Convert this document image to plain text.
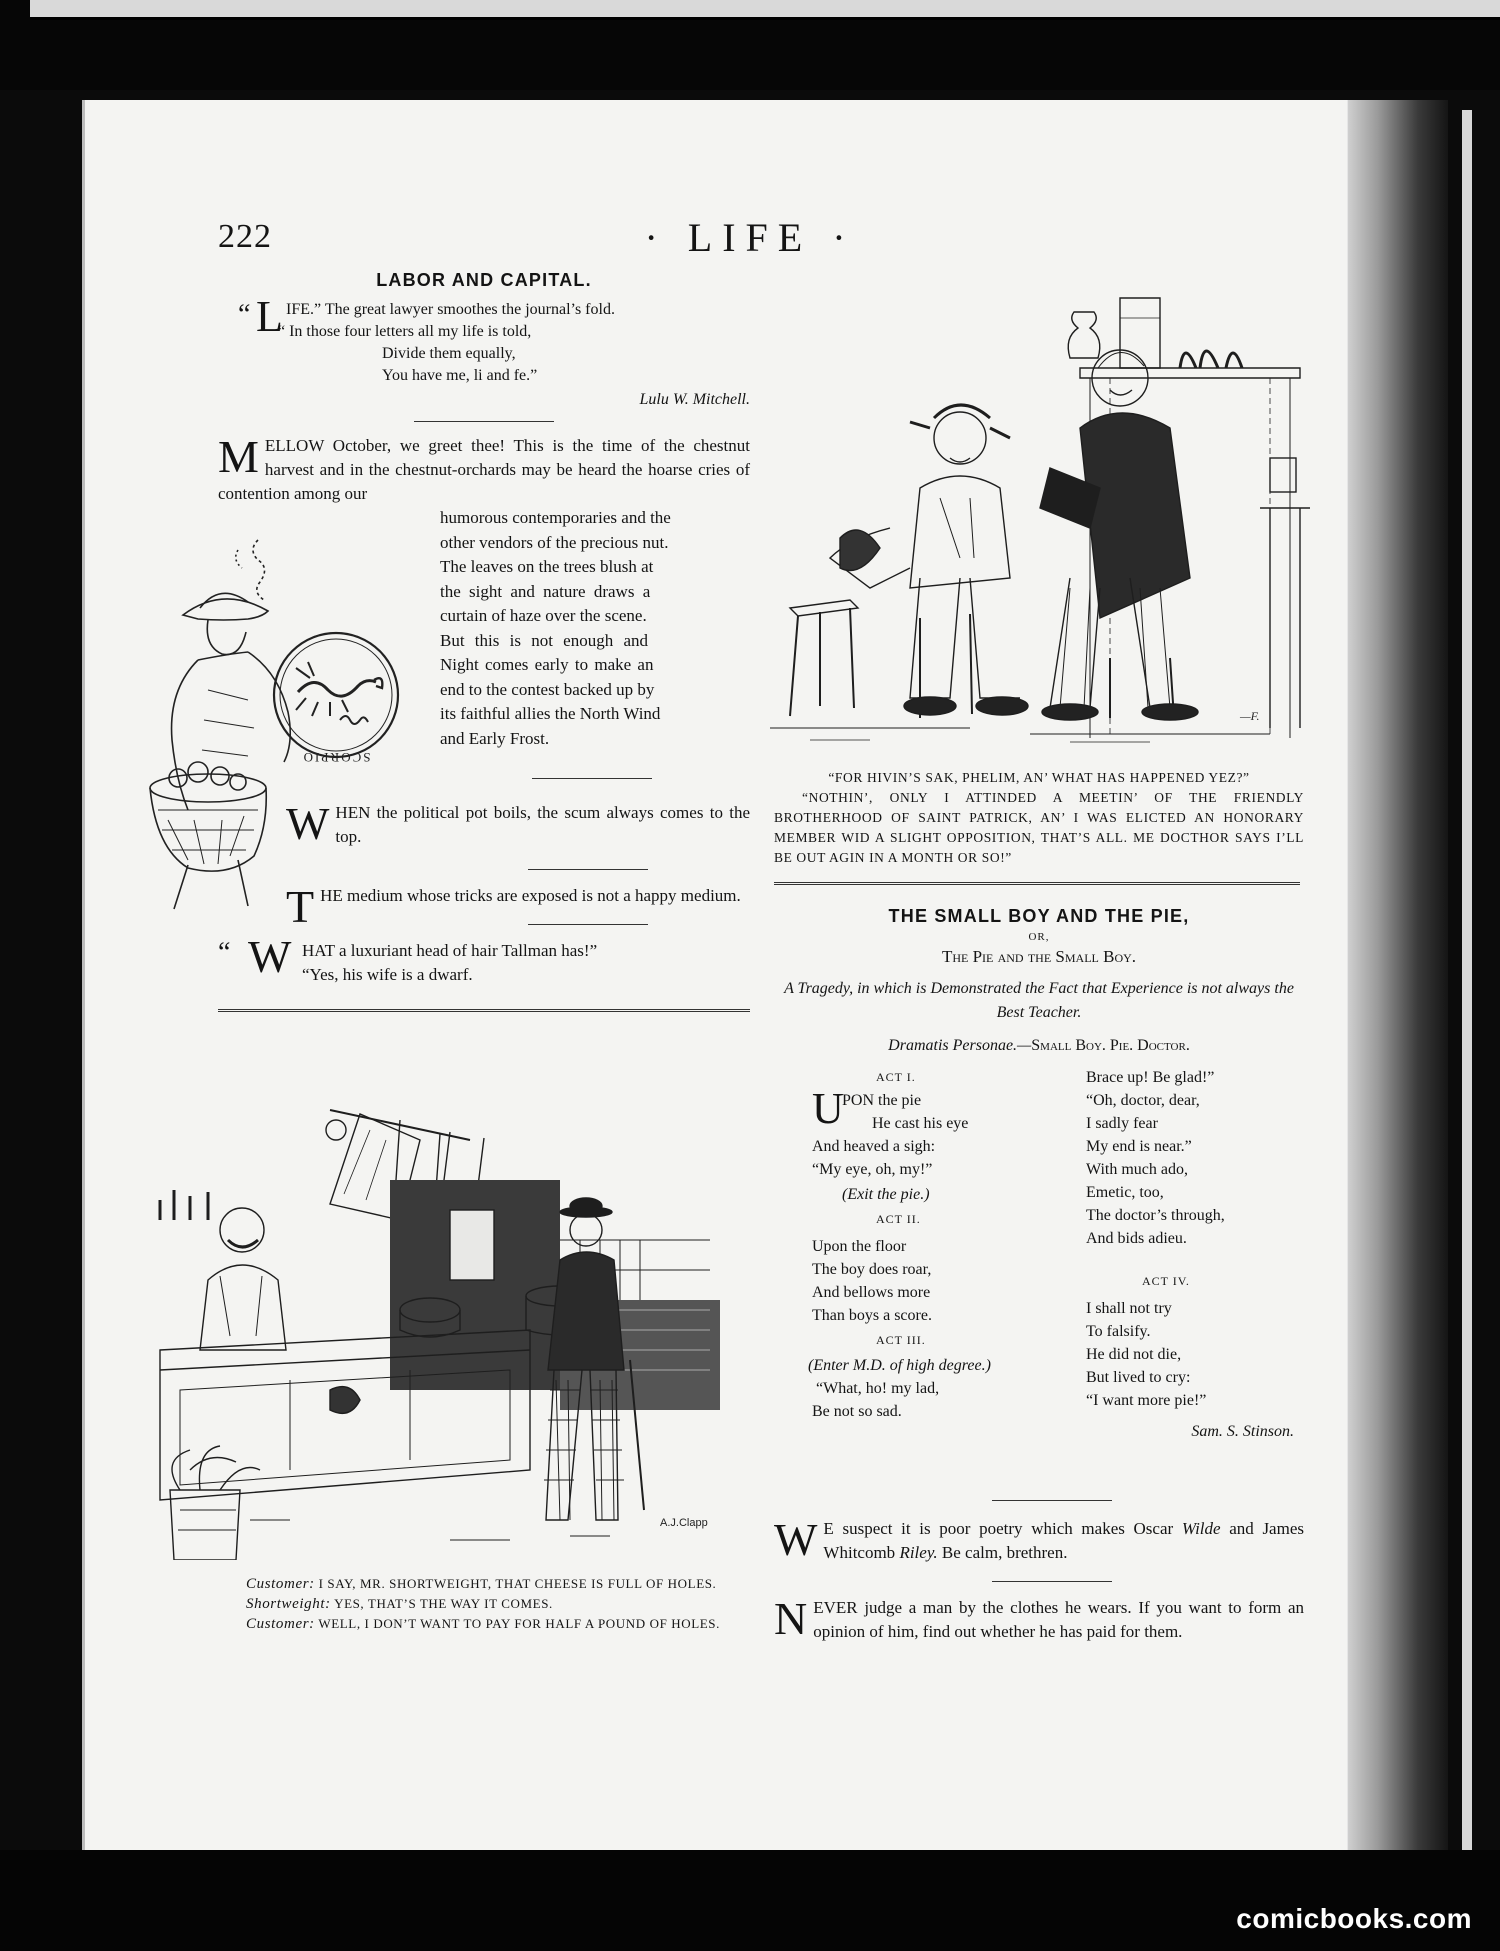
comicbooks.com
222	· LIFE ·
LABOR AND CAPITAL.
“ L IFE.” The great lawyer smoothes the journal’s fold.
“ In those four letters all my life is told,
Divide them equally,
You have me, li and fe.”
Lulu W. Mitchell.

MELLOW October, we greet thee! This is the time of the chestnut harvest and in the chestnut-orchards may be heard the hoarse cries of contention among our

humorous contemporaries and the
other vendors of the precious nut.
The leaves on the trees blush at
the sight and nature draws a
curtain of haze over the scene.
But this is not enough and
Night comes early to make an
end to the contest backed up by
its faithful allies the North Wind
and Early Frost.
SCORPIO

WHEN the political pot boils, the scum always comes to the top.

THE medium whose tricks are exposed is not a happy medium.

“ W HAT a luxuriant head of hair Tallman has!”
“Yes, his wife is a dwarf.
A.J.Clapp

Customer: I SAY, MR. SHORTWEIGHT, THAT CHEESE IS FULL OF HOLES.

Shortweight: YES, THAT’S THE WAY IT COMES.

Customer: WELL, I DON’T WANT TO PAY FOR HALF A POUND OF HOLES.

—F.

“FOR HIVIN’S SAK, PHELIM, AN’ WHAT HAS HAPPENED YEZ?”

“NOTHIN’, ONLY I ATTINDED A MEETIN’ OF THE FRIENDLY BROTHERHOOD OF SAINT PATRICK, AN’ I WAS ELICTED AN HONORARY MEMBER WID A SLIGHT OPPOSITION, THAT’S ALL. ME DOCTHOR SAYS I’LL BE OUT AGIN IN A MONTH OR SO!”

THE SMALL BOY AND THE PIE,
OR,
The Pie and the Small Boy.

A Tragedy, in which is Demonstrated the Fact that Experience is not always the Best Teacher.

Dramatis Personae.—Small Boy. Pie. Doctor.
ACT I.
U
PON the pie
He cast his eye
And heaved a sigh:
“My eye, oh, my!”
(Exit the pie.)
ACT II.
Upon the floor
The boy does roar,
And bellows more
Than boys a score.
ACT III.
(Enter M.D. of high degree.)
“What, ho! my lad,
Be not so sad.
Brace up! Be glad!”
“Oh, doctor, dear,
I sadly fear
My end is near.”
With much ado,
Emetic, too,
The doctor’s through,
And bids adieu.
ACT IV.
I shall not try
To falsify.
He did not die,
But lived to cry:
“I want more pie!”
Sam. S. Stinson.

W E suspect it is poor poetry which makes Oscar Wilde and James Whitcomb Riley. Be calm, brethren.

NEVER judge a man by the clothes he wears. If you want to form an opinion of him, find out whether he has paid for them.
